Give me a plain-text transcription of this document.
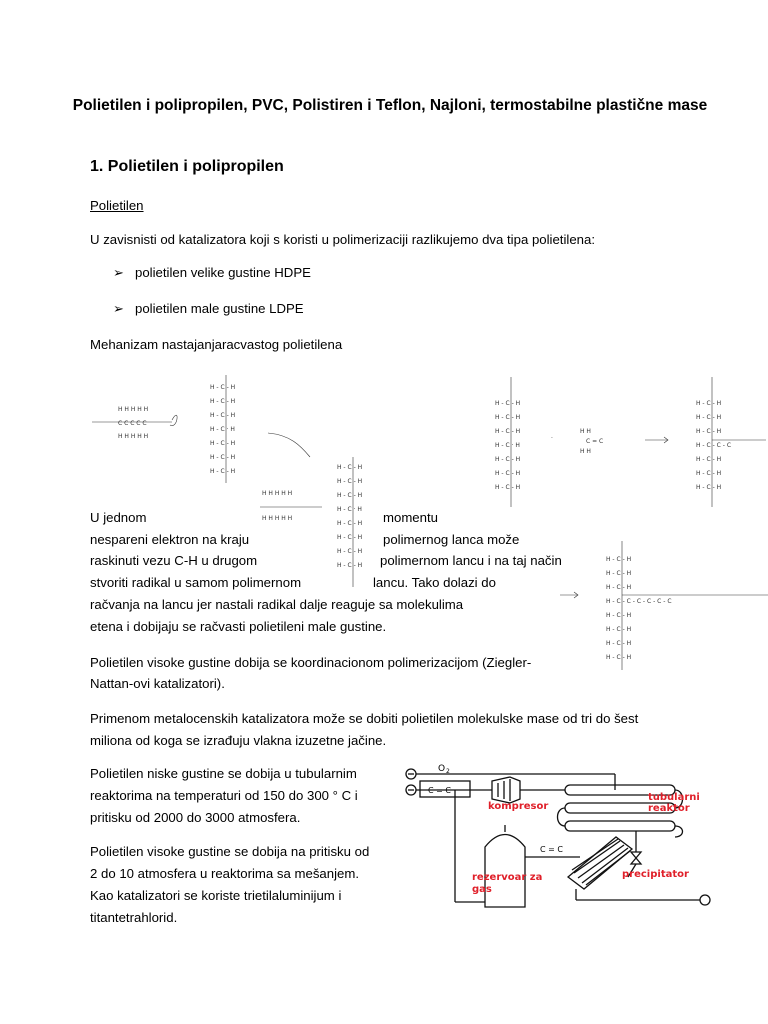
Polietilen i polipropilen, PVC, Polistiren i Teflon, Najloni, termostabilne plastične mase
1. Polietilen i polipropilen
Polietilen
U zavisnisti od katalizatora koji s koristi u polimerizaciji razlikujemo dva tipa polietilena:
➢ polietilen velike gustine HDPE
➢ polietilen male gustine LDPE
Mehanizam nastajanjaracvastog polietilena
H H H H H
C C C C C
H H H H H
H - C - H
H - C - H
H - C - H
H - C · H
H - C - H
H - C - H
H - C - H
H H H H H
H H H H H
H - C - H
H - C - H
H - C - H
H - C · H
H - C - H
H - C - H
H - C - H
H - C - H
H - C - H
H - C - H
H - C - H
H - C · H
H - C - H
H - C - H
H - C - H
·
H H
C = C
H H
H - C - H
H - C - H
H - C - H
H - C - C - C
H - C - H
H - C - H
H - C - H
H - C - H
H - C - H
H - C - H
H - C - C - C - C - C - C
H - C - H
H - C - H
H - C - H
H - C - H
U jednom	momentu
nespareni elektron na kraju	polimernog lanca može
raskinuti vezu C-H u drugom	polimernom lancu i na taj način
stvoriti radikal u samom polimernom	lancu. Tako dolazi do
račvanja na lancu jer nastali radikal dalje reaguje sa molekulima
etena i dobijaju se račvasti polietileni male gustine.
Polietilen visoke gustine dobija se koordinacionom polimerizacijom (Ziegler-
Nattan-ovi katalizatori).
Primenom metalocenskih katalizatora može se dobiti polietilen molekulske mase od tri do šest
miliona od koga se izrađuju vlakna izuzetne jačine.
Polietilen niske gustine se dobija u tubularnim
reaktorima na temperaturi od 150 do 300 ° C i
pritisku od 2000 do 3000 atmosfera.
Polietilen visoke gustine se dobija na pritisku od
2 do 10 atmosfera u reaktorima sa mešanjem.
Kao katalizatori se koriste trietilaluminijum i
titantetrahlorid.
O 2
C = C
kompresor
tubularni
reaktor
C = C
rezervoar za
gas
precipitator
